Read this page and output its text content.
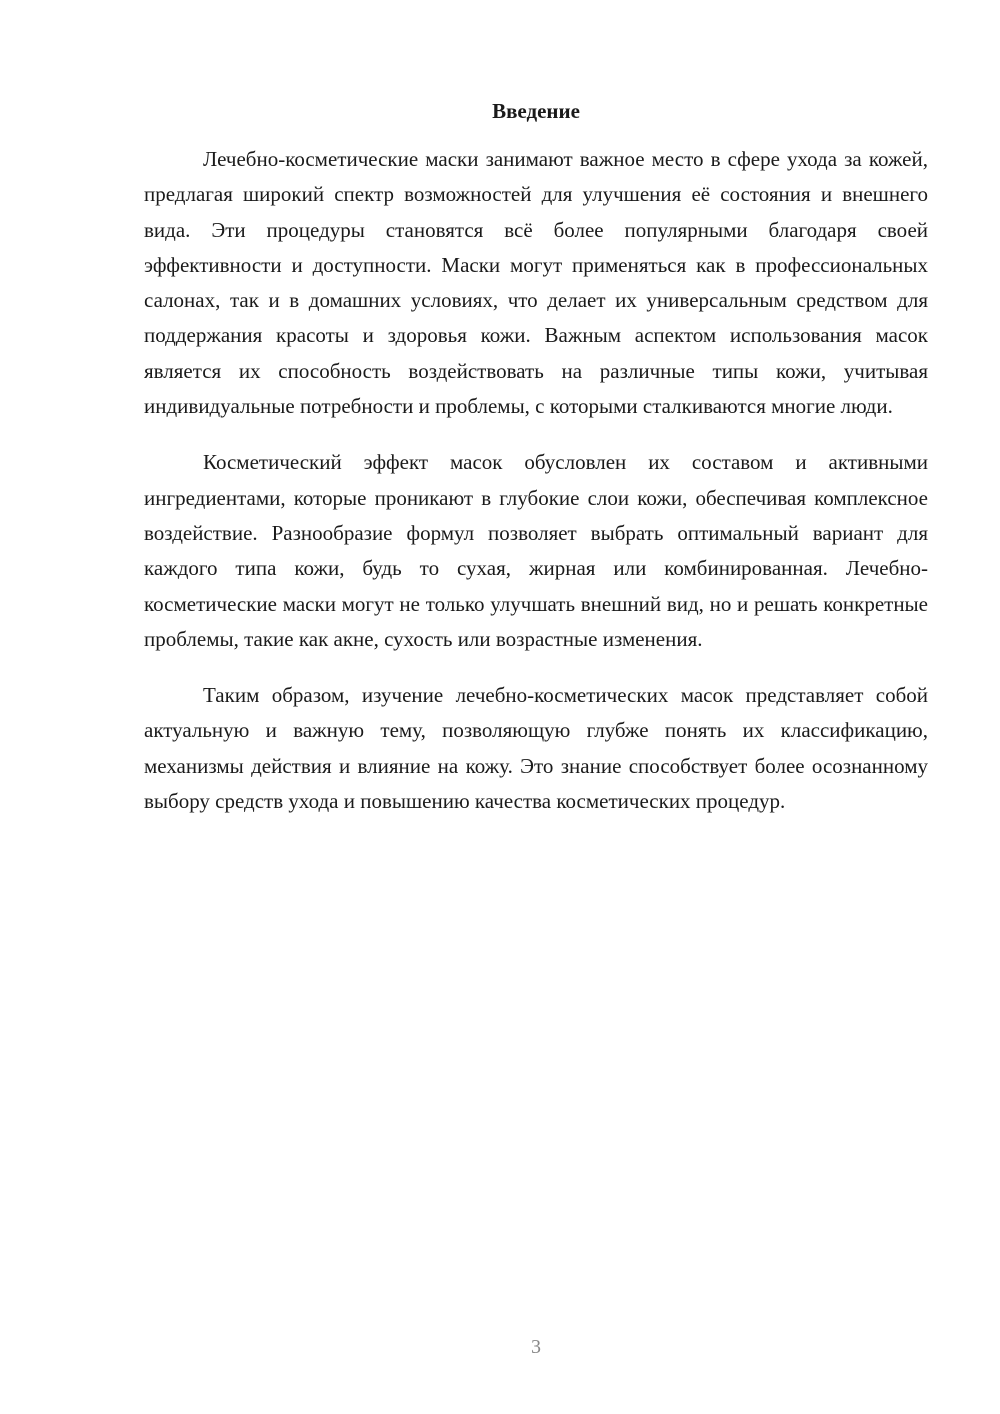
Введение

Лечебно-косметические маски занимают важное место в сфере ухода за кожей, предлагая широкий спектр возможностей для улучшения её состояния и внешнего вида. Эти процедуры становятся всё более популярными благодаря своей эффективности и доступности. Маски могут применяться как в профессиональных салонах, так и в домашних условиях, что делает их универсальным средством для поддержания красоты и здоровья кожи. Важным аспектом использования масок является их способность воздействовать на различные типы кожи, учитывая индивидуальные потребности и проблемы, с которыми сталкиваются многие люди.

Косметический эффект масок обусловлен их составом и активными ингредиентами, которые проникают в глубокие слои кожи, обеспечивая комплексное воздействие. Разнообразие формул позволяет выбрать оптимальный вариант для каждого типа кожи, будь то сухая, жирная или комбинированная. Лечебно-косметические маски могут не только улучшать внешний вид, но и решать конкретные проблемы, такие как акне, сухость или возрастные изменения.

Таким образом, изучение лечебно-косметических масок представляет собой актуальную и важную тему, позволяющую глубже понять их классификацию, механизмы действия и влияние на кожу. Это знание способствует более осознанному выбору средств ухода и повышению качества косметических процедур.

3
